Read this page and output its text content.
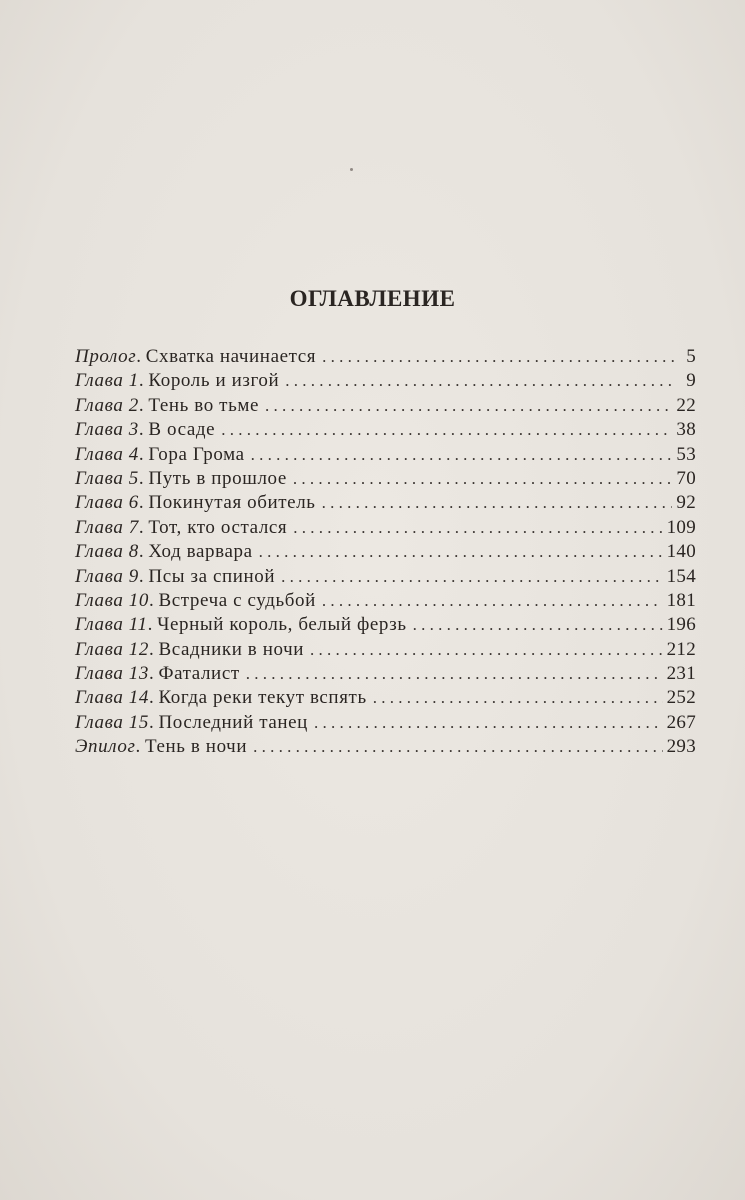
ОГЛАВЛЕНИЕ
Пролог . Схватка начинается . . .	5
Глава 1 . Король и изгой . . .	9
Глава 2 . Тень во тьме . . .	22
Глава 3 . В осаде . . .	38
Глава 4 . Гора Грома . . .	53
Глава 5 . Путь в прошлое . . .	70
Глава 6 . Покинутая обитель . . .	92
Глава 7 . Тот, кто остался . . .	109
Глава 8 . Ход варвара . . .	140
Глава 9 . Псы за спиной . . .	154
Глава 10 . Встреча с судьбой . . .	181
Глава 11 . Черный король, белый ферзь . . .	196
Глава 12 . Всадники в ночи . . .	212
Глава 13 . Фаталист . . .	231
Глава 14 . Когда реки текут вспять . . .	252
Глава 15 . Последний танец . . .	267
Эпилог . Тень в ночи . . .	293
